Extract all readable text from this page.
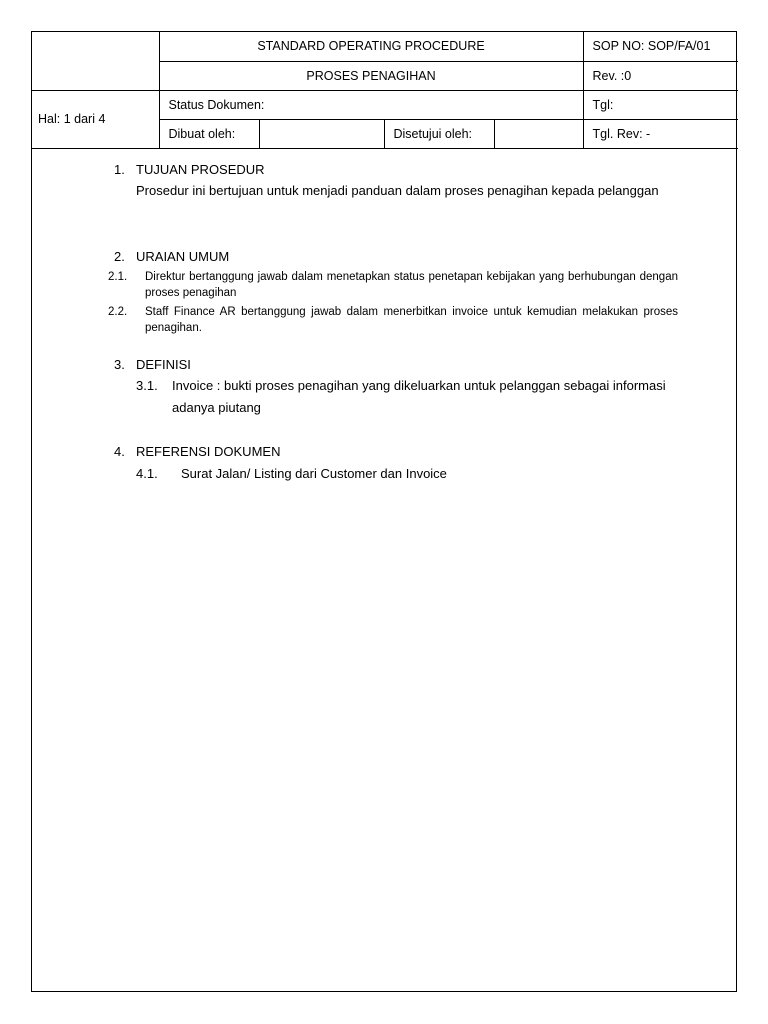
	STANDARD OPERATING PROCEDURE				SOP NO: SOP/FA/01
	PROSES PENAGIHAN				Rev. :0
Hal: 1 dari 4	Status Dokumen:				Tgl:
	Dibuat oleh:		Disetujui oleh:		Tgl. Rev: -
1. TUJUAN PROSEDUR
Prosedur ini bertujuan untuk menjadi panduan dalam proses penagihan kepada pelanggan
2. URAIAN UMUM
2.1. Direktur bertanggung jawab dalam menetapkan status penetapan kebijakan yang berhubungan dengan proses penagihan
2.2. Staff Finance AR bertanggung jawab dalam menerbitkan invoice untuk kemudian melakukan proses penagihan.
3. DEFINISI
3.1. Invoice : bukti proses penagihan yang dikeluarkan untuk pelanggan sebagai informasi adanya piutang
4. REFERENSI DOKUMEN
4.1. Surat Jalan/ Listing dari Customer dan Invoice
